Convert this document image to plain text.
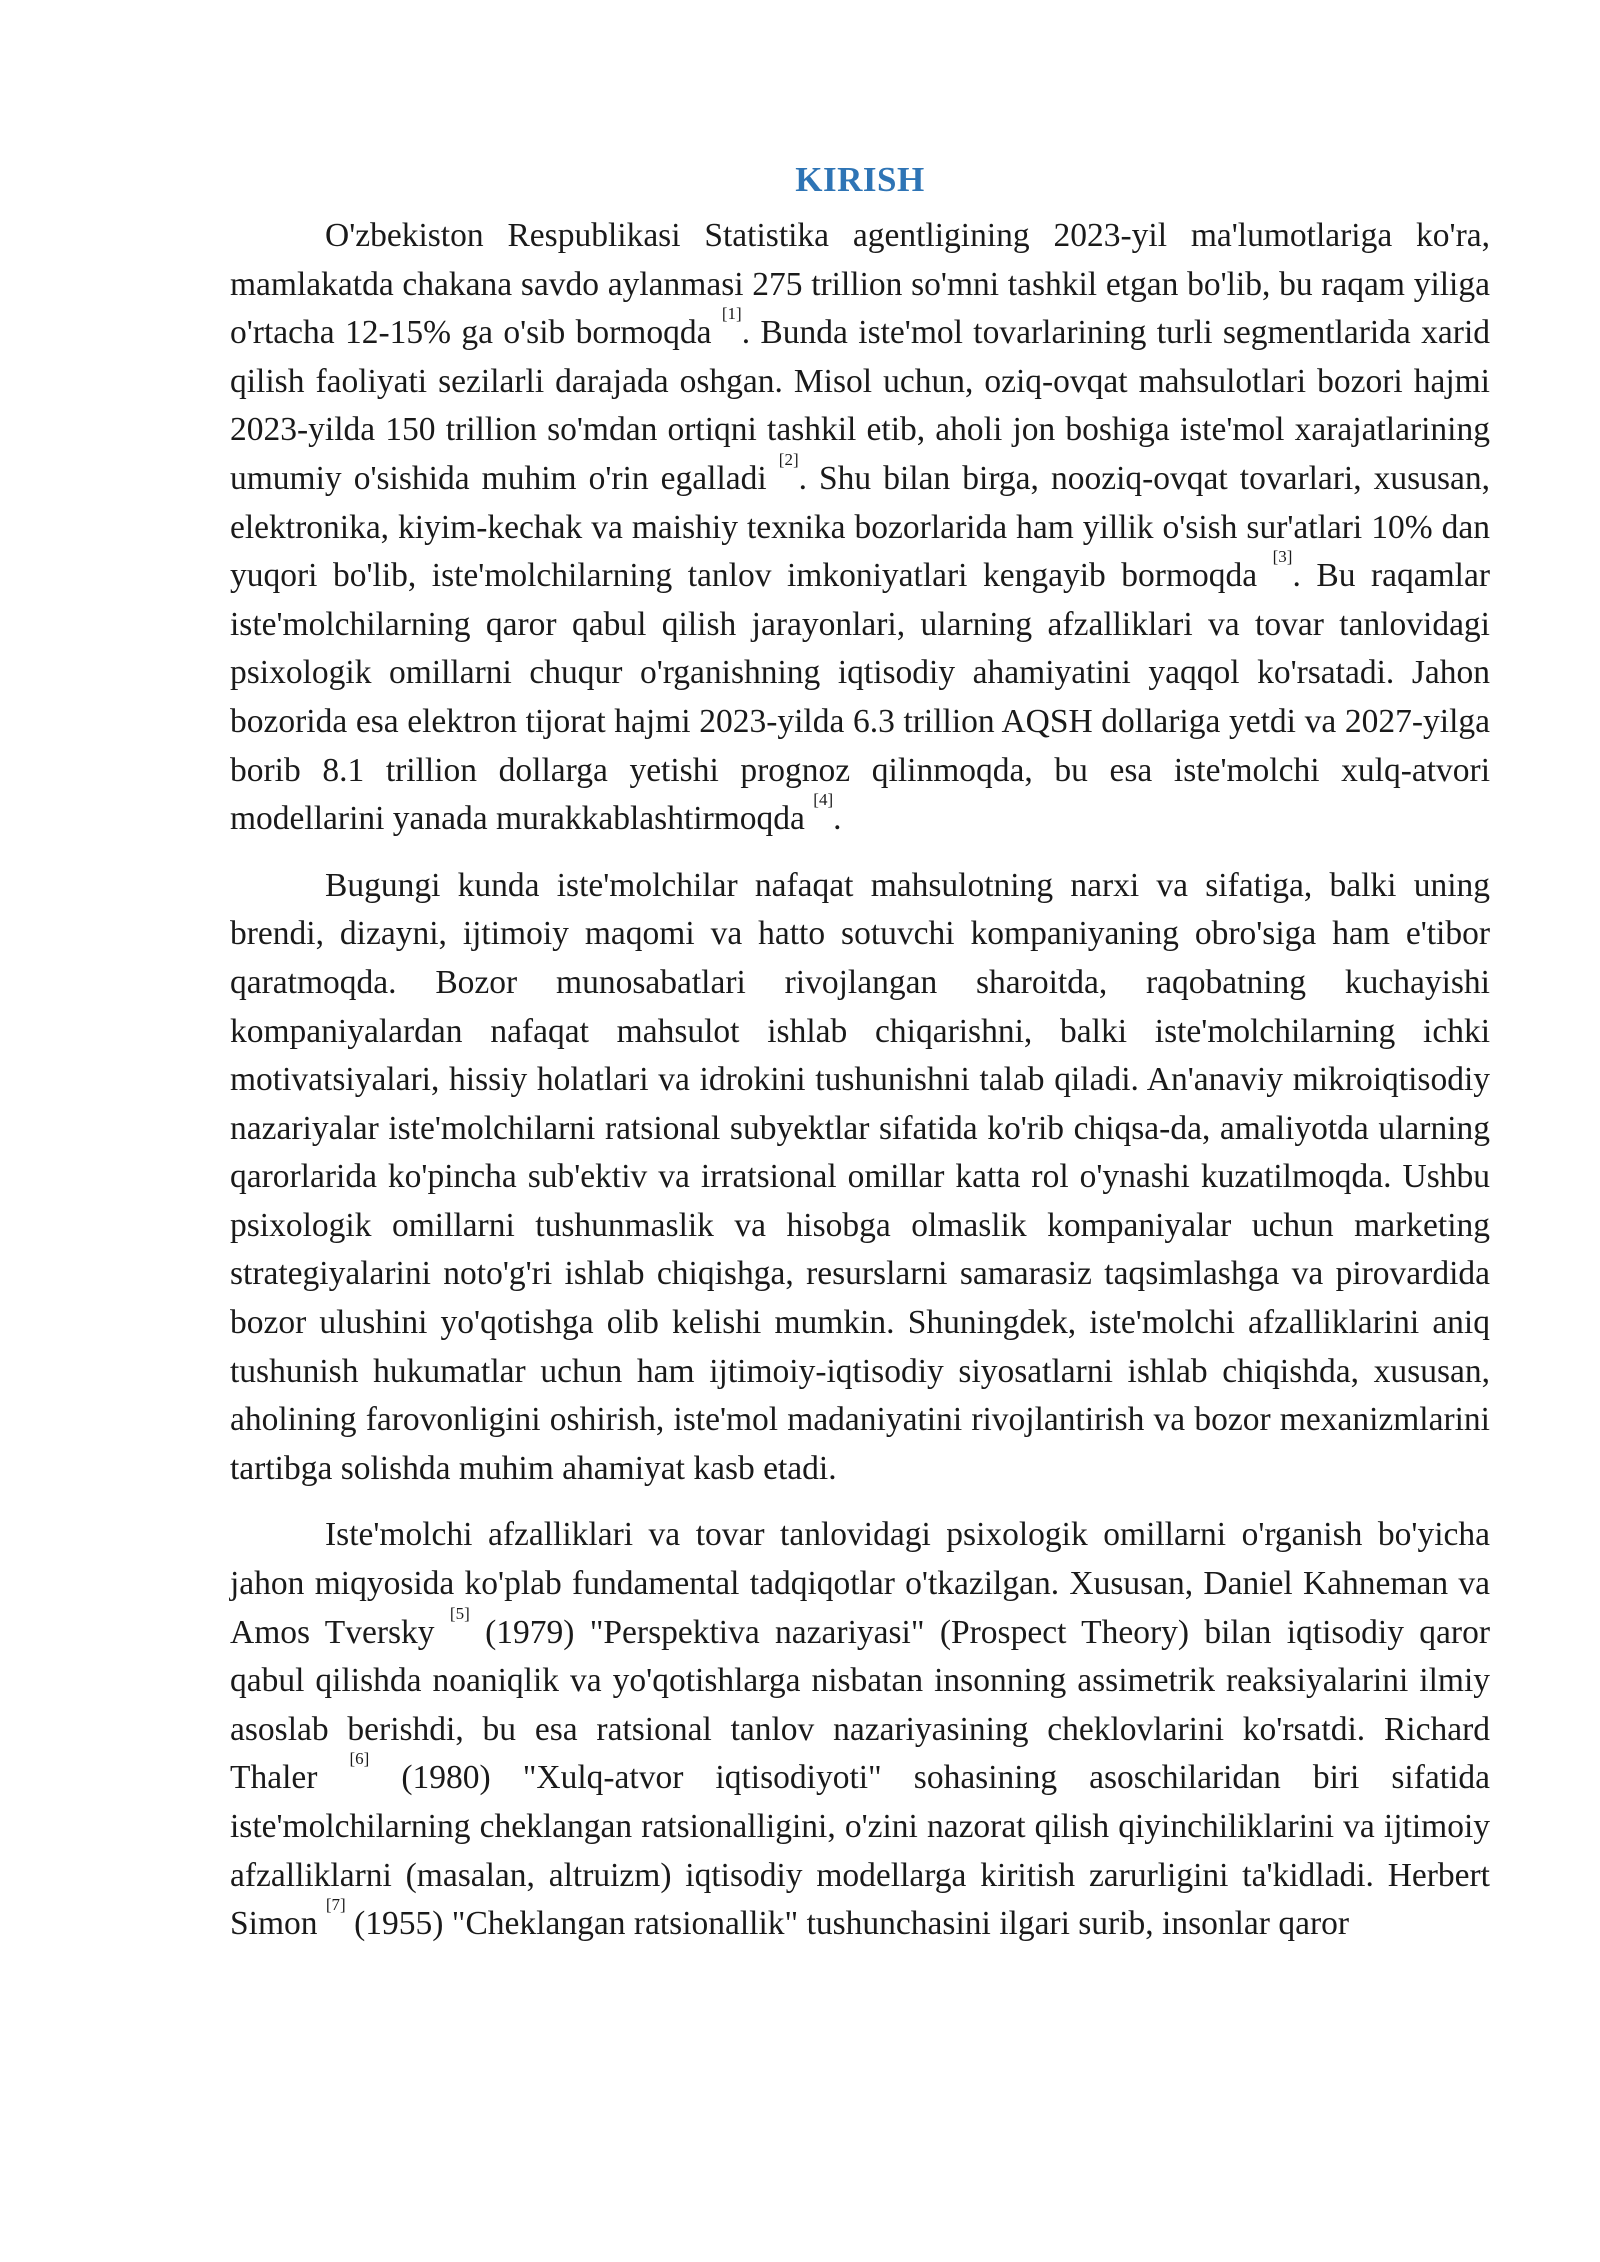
KIRISH

O'zbekiston Respublikasi Statistika agentligining 2023-yil ma'lumotlariga ko'ra, mamlakatda chakana savdo aylanmasi 275 trillion so'mni tashkil etgan bo'lib, bu raqam yiliga o'rtacha 12-15% ga o'sib bormoqda [1]. Bunda iste'mol tovarlarining turli segmentlarida xarid qilish faoliyati sezilarli darajada oshgan. Misol uchun, oziq-ovqat mahsulotlari bozori hajmi 2023-yilda 150 trillion so'mdan ortiqni tashkil etib, aholi jon boshiga iste'mol xarajatlarining umumiy o'sishida muhim o'rin egalladi [2]. Shu bilan birga, nooziq-ovqat tovarlari, xususan, elektronika, kiyim-kechak va maishiy texnika bozorlarida ham yillik o'sish sur'atlari 10% dan yuqori bo'lib, iste'molchilarning tanlov imkoniyatlari kengayib bormoqda [3]. Bu raqamlar iste'molchilarning qaror qabul qilish jarayonlari, ularning afzalliklari va tovar tanlovidagi psixologik omillarni chuqur o'rganishning iqtisodiy ahamiyatini yaqqol ko'rsatadi. Jahon bozorida esa elektron tijorat hajmi 2023-yilda 6.3 trillion AQSH dollariga yetdi va 2027-yilga borib 8.1 trillion dollarga yetishi prognoz qilinmoqda, bu esa iste'molchi xulq-atvori modellarini yanada murakkablashtirmoqda [4].

Bugungi kunda iste'molchilar nafaqat mahsulotning narxi va sifatiga, balki uning brendi, dizayni, ijtimoiy maqomi va hatto sotuvchi kompaniyaning obro'siga ham e'tibor qaratmoqda. Bozor munosabatlari rivojlangan sharoitda, raqobatning kuchayishi kompaniyalardan nafaqat mahsulot ishlab chiqarishni, balki iste'molchilarning ichki motivatsiyalari, hissiy holatlari va idrokini tushunishni talab qiladi. An'anaviy mikroiqtisodiy nazariyalar iste'molchilarni ratsional subyektlar sifatida ko'rib chiqsa-da, amaliyotda ularning qarorlarida ko'pincha sub'ektiv va irratsional omillar katta rol o'ynashi kuzatilmoqda. Ushbu psixologik omillarni tushunmaslik va hisobga olmaslik kompaniyalar uchun marketing strategiyalarini noto'g'ri ishlab chiqishga, resurslarni samarasiz taqsimlashga va pirovardida bozor ulushini yo'qotishga olib kelishi mumkin. Shuningdek, iste'molchi afzalliklarini aniq tushunish hukumatlar uchun ham ijtimoiy-iqtisodiy siyosatlarni ishlab chiqishda, xususan, aholining farovonligini oshirish, iste'mol madaniyatini rivojlantirish va bozor mexanizmlarini tartibga solishda muhim ahamiyat kasb etadi.

Iste'molchi afzalliklari va tovar tanlovidagi psixologik omillarni o'rganish bo'yicha jahon miqyosida ko'plab fundamental tadqiqotlar o'tkazilgan. Xususan, Daniel Kahneman va Amos Tversky [5] (1979) "Perspektiva nazariyasi" (Prospect Theory) bilan iqtisodiy qaror qabul qilishda noaniqlik va yo'qotishlarga nisbatan insonning assimetrik reaksiyalarini ilmiy asoslab berishdi, bu esa ratsional tanlov nazariyasining cheklovlarini ko'rsatdi. Richard Thaler [6] (1980) "Xulq-atvor iqtisodiyoti" sohasining asoschilaridan biri sifatida iste'molchilarning cheklangan ratsionalligini, o'zini nazorat qilish qiyinchiliklarini va ijtimoiy afzalliklarni (masalan, altruizm) iqtisodiy modellarga kiritish zarurligini ta'kidladi. Herbert Simon [7] (1955) "Cheklangan ratsionallik" tushunchasini ilgari surib, insonlar qaror
